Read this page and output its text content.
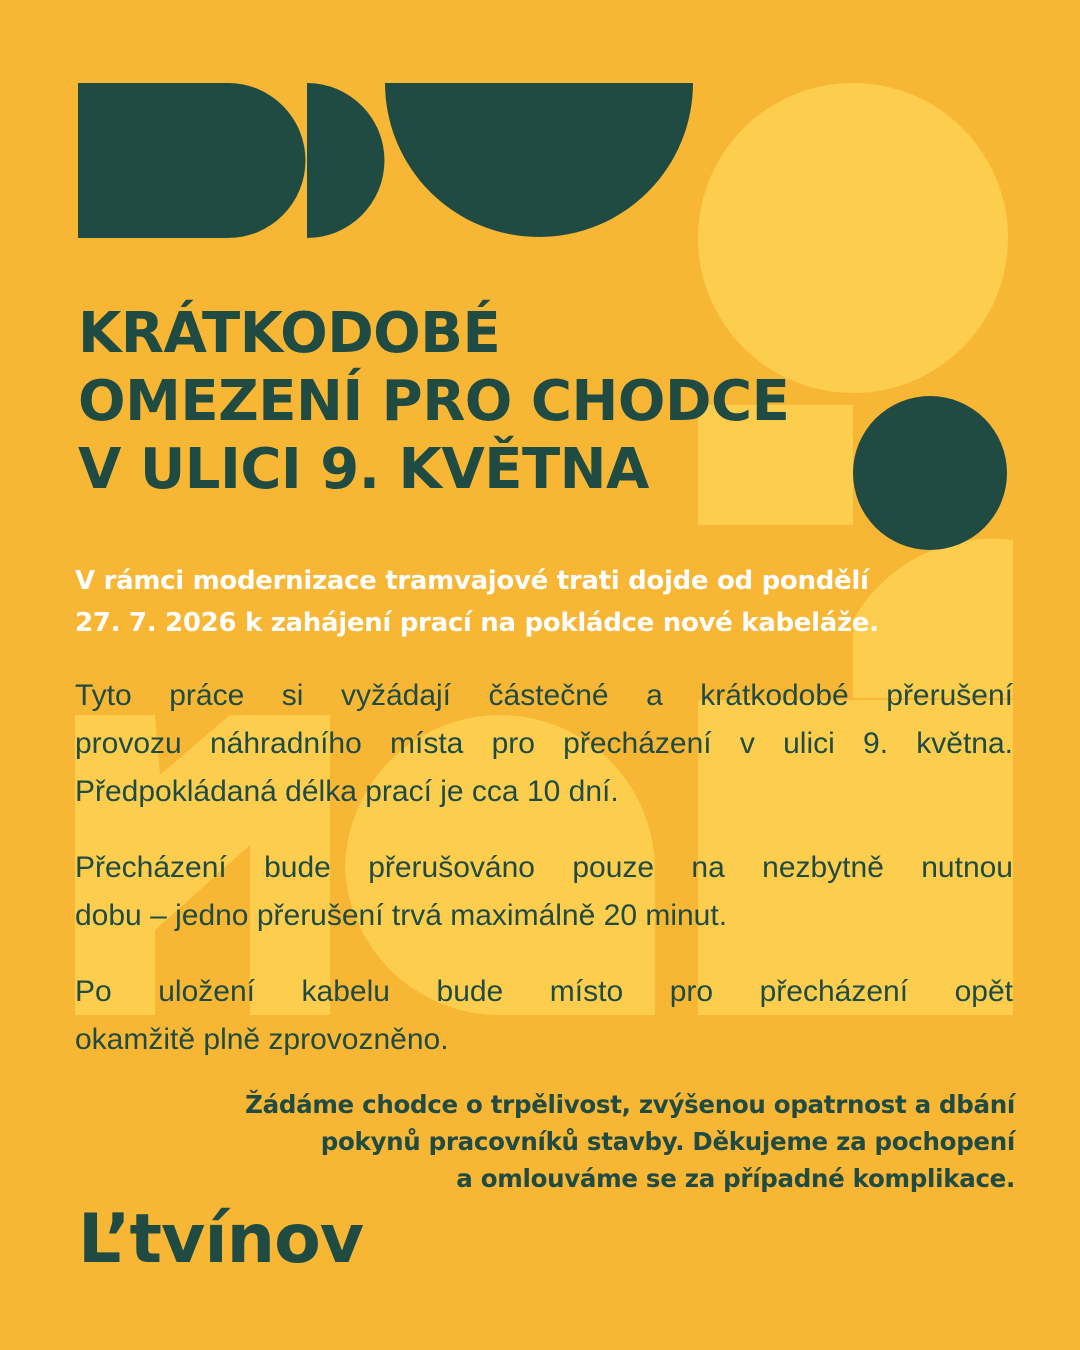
KRÁTKODOBÉ
OMEZENÍ PRO CHODCE
V ULICI 9. KVĚTNA
V rámci modernizace tramvajové trati dojde od pondělí
27. 7. 2026 k zahájení prací na pokládce nové kabeláže.
Tyto práce si vyžádají částečné a krátkodobé přerušení
provozu náhradního místa pro přecházení v ulici 9. května.
Předpokládaná délka prací je cca 10 dní.
Přecházení bude přerušováno pouze na nezbytně nutnou
dobu – jedno přerušení trvá maximálně 20 minut.
Po uložení kabelu bude místo pro přecházení opět
okamžitě plně zprovozněno.
Žádáme chodce o trpělivost, zvýšenou opatrnost a dbání
pokynů pracovníků stavby. Děkujeme za pochopení
a omlouváme se za případné komplikace.
L’tvínov
